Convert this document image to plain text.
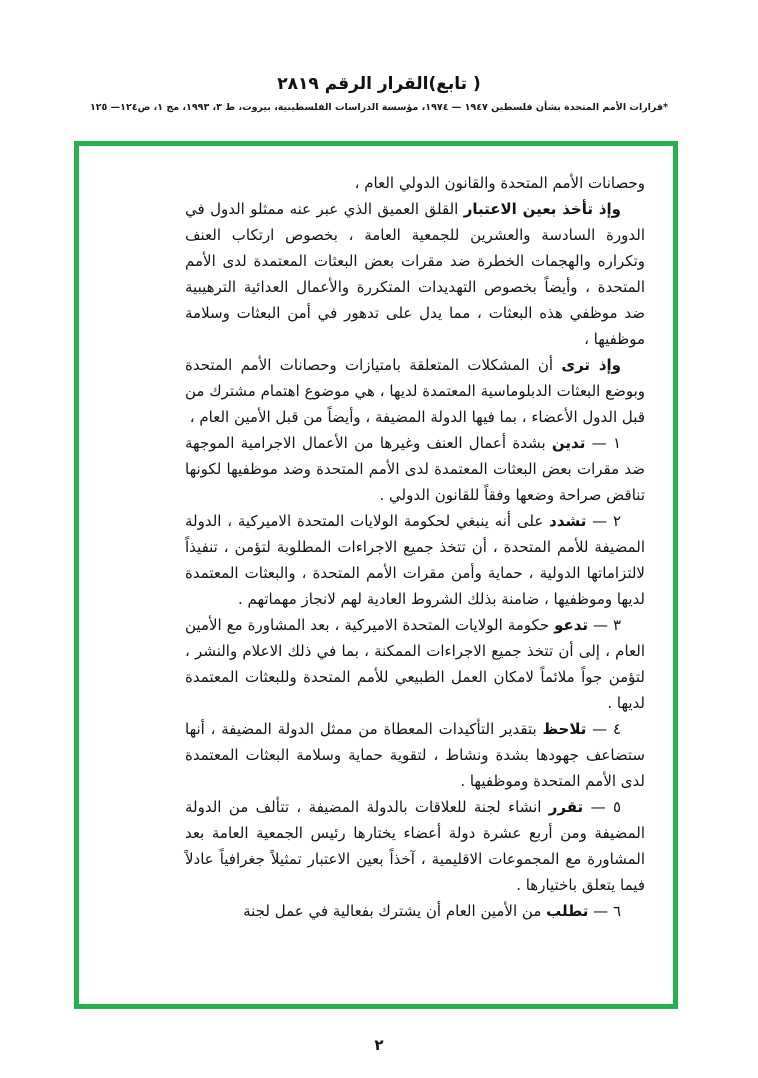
( تابع)القرار الرقم ٢٨١٩
*قرارات الأمم المتحدة بشأن فلسطين ١٩٤٧ — ١٩٧٤، مؤسسة الدراسات الفلسطينية، بيروت، ط ٣، ١٩٩٣، مج ١، ص١٢٤— ١٢٥

وحصانات الأمم المتحدة والقانون الدولي العام ،

وإذ تأخذ بعين الاعتبار القلق العميق الذي عبر عنه ممثلو الدول في الدورة السادسة والعشرين للجمعية العامة ، بخصوص ارتكاب العنف وتكراره والهجمات الخطرة ضد مقرات بعض البعثات المعتمدة لدى الأمم المتحدة ، وأيضاً بخصوص التهديدات المتكررة والأعمال العدائية الترهيبية ضد موظفي هذه البعثات ، مما يدل على تدهور في أمن البعثات وسلامة موظفيها ،

وإذ ترى أن المشكلات المتعلقة بامتيازات وحصانات الأمم المتحدة وبوضع البعثات الدبلوماسية المعتمدة لديها ، هي موضوع اهتمام مشترك من قبل الدول الأعضاء ، بما فيها الدولة المضيفة ، وأيضاً من قبل الأمين العام ،

١ — تدين بشدة أعمال العنف وغيرها من الأعمال الاجرامية الموجهة ضد مقرات بعض البعثات المعتمدة لدى الأمم المتحدة وضد موظفيها لكونها تناقض صراحة وضعها وفقاً للقانون الدولي .

٢ — تشدد على أنه ينبغي لحكومة الولايات المتحدة الاميركية ، الدولة المضيفة للأمم المتحدة ، أن تتخذ جميع الاجراءات المطلوبة لتؤمن ، تنفيذاً لالتزاماتها الدولية ، حماية وأمن مقرات الأمم المتحدة ، والبعثات المعتمدة لديها وموظفيها ، ضامنة بذلك الشروط العادية لهم لانجاز مهماتهم .

٣ — تدعو حكومة الولايات المتحدة الاميركية ، بعد المشاورة مع الأمين العام ، إلى أن تتخذ جميع الاجراءات الممكنة ، بما في ذلك الاعلام والنشر ، لتؤمن جواً ملائماً لامكان العمل الطبيعي للأمم المتحدة وللبعثات المعتمدة لديها .

٤ — تلاحظ بتقدير التأكيدات المعطاة من ممثل الدولة المضيفة ، أنها ستضاعف جهودها بشدة ونشاط ، لتقوية حماية وسلامة البعثات المعتمدة لدى الأمم المتحدة وموظفيها .

٥ — تقرر انشاء لجنة للعلاقات بالدولة المضيفة ، تتألف من الدولة المضيفة ومن أربع عشرة دولة أعضاء يختارها رئيس الجمعية العامة بعد المشاورة مع المجموعات الاقليمية ، آخذاً بعين الاعتبار تمثيلاً جغرافياً عادلاً فيما يتعلق باختيارها .

٦ — تطلب من الأمين العام أن يشترك بفعالية في عمل لجنة

٢
